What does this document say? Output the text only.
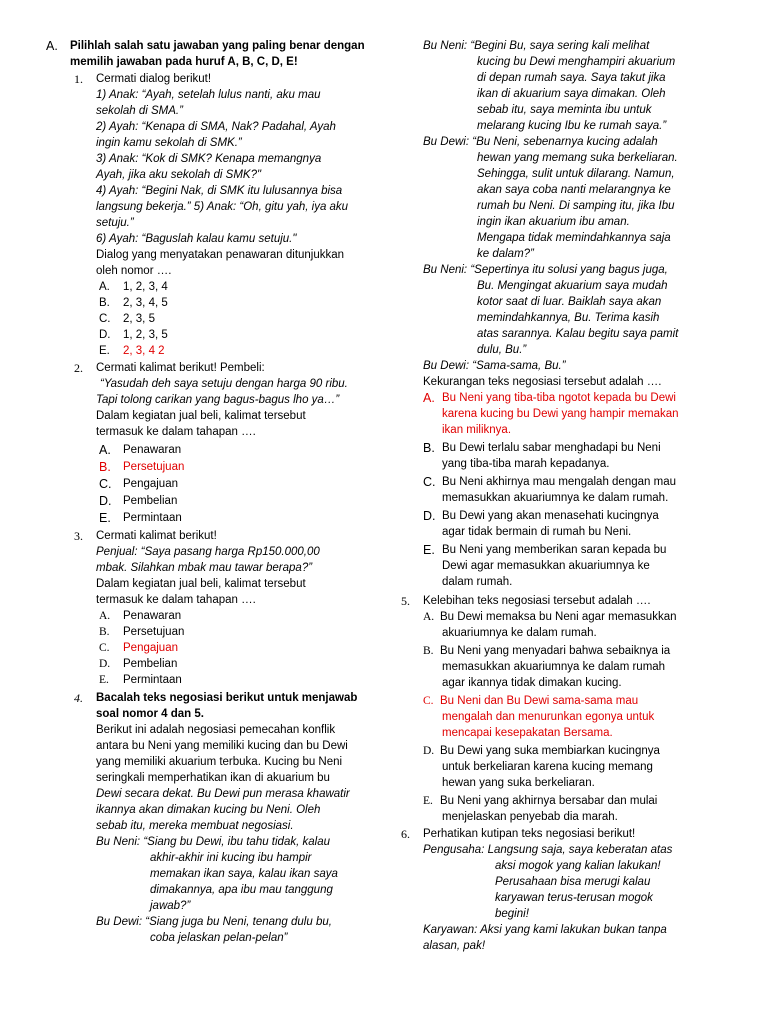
A. Pilihlah salah satu jawaban yang paling benar dengan
memilih jawaban pada huruf A, B, C, D, E!
1. Cermati dialog berikut!
1) Anak: “Ayah, setelah lulus nanti, aku mau
sekolah di SMA.”
2) Ayah: “Kenapa di SMA, Nak? Padahal, Ayah
ingin kamu sekolah di SMK.”
3) Anak: “Kok di SMK? Kenapa memangnya
Ayah, jika aku sekolah di SMK?"
4) Ayah: “Begini Nak, di SMK itu lulusannya bisa
langsung bekerja.” 5) Anak: “Oh, gitu yah, iya aku
setuju.”
6) Ayah: “Baguslah kalau kamu setuju."
Dialog yang menyatakan penawaran ditunjukkan
oleh nomor ….
A. 1, 2, 3, 4
B. 2, 3, 4, 5
C. 2, 3, 5
D. 1, 2, 3, 5
E. 2, 3, 4 2
2. Cermati kalimat berikut! Pembeli:
“Yasudah deh saya setuju dengan harga 90 ribu.
Tapi tolong carikan yang bagus-bagus lho ya…”
Dalam kegiatan jual beli, kalimat tersebut
termasuk ke dalam tahapan ….
A. Penawaran
B. Persetujuan
C. Pengajuan
D. Pembelian
E. Permintaan
3. Cermati kalimat berikut!
Penjual: “Saya pasang harga Rp150.000,00
mbak. Silahkan mbak mau tawar berapa?”
Dalam kegiatan jual beli, kalimat tersebut
termasuk ke dalam tahapan ….
A. Penawaran
B. Persetujuan
C. Pengajuan
D. Pembelian
E. Permintaan
4. Bacalah teks negosiasi berikut untuk menjawab
soal nomor 4 dan 5.
Berikut ini adalah negosiasi pemecahan konflik
antara bu Neni yang memiliki kucing dan bu Dewi
yang memiliki akuarium terbuka. Kucing bu Neni
seringkali memperhatikan ikan di akuarium bu
Dewi secara dekat. Bu Dewi pun merasa khawatir
ikannya akan dimakan kucing bu Neni. Oleh
sebab itu, mereka membuat negosiasi.
Bu Neni: “Siang bu Dewi, ibu tahu tidak, kalau
akhir-akhir ini kucing ibu hampir
memakan ikan saya, kalau ikan saya
dimakannya, apa ibu mau tanggung
jawab?”
Bu Dewi: “Siang juga bu Neni, tenang dulu bu,
coba jelaskan pelan-pelan”
Bu Neni: “Begini Bu, saya sering kali melihat
kucing bu Dewi menghampiri akuarium
di depan rumah saya. Saya takut jika
ikan di akuarium saya dimakan. Oleh
sebab itu, saya meminta ibu untuk
melarang kucing Ibu ke rumah saya.”
Bu Dewi: “Bu Neni, sebenarnya kucing adalah
hewan yang memang suka berkeliaran.
Sehingga, sulit untuk dilarang. Namun,
akan saya coba nanti melarangnya ke
rumah bu Neni. Di samping itu, jika Ibu
ingin ikan akuarium ibu aman.
Mengapa tidak memindahkannya saja
ke dalam?”
Bu Neni: “Sepertinya itu solusi yang bagus juga,
Bu. Mengingat akuarium saya mudah
kotor saat di luar. Baiklah saya akan
memindahkannya, Bu. Terima kasih
atas sarannya. Kalau begitu saya pamit
dulu, Bu.”
Bu Dewi: “Sama-sama, Bu.”
Kekurangan teks negosiasi tersebut adalah ….
A. Bu Neni yang tiba-tiba ngotot kepada bu Dewi
karena kucing bu Dewi yang hampir memakan
ikan miliknya.
B. Bu Dewi terlalu sabar menghadapi bu Neni
yang tiba-tiba marah kepadanya.
C. Bu Neni akhirnya mau mengalah dengan mau
memasukkan akuariumnya ke dalam rumah.
D. Bu Dewi yang akan menasehati kucingnya
agar tidak bermain di rumah bu Neni.
E. Bu Neni yang memberikan saran kepada bu
Dewi agar memasukkan akuariumnya ke
dalam rumah.
5. Kelebihan teks negosiasi tersebut adalah ….
A. Bu Dewi memaksa bu Neni agar memasukkan
akuariumnya ke dalam rumah.
B. Bu Neni yang menyadari bahwa sebaiknya ia
memasukkan akuariumnya ke dalam rumah
agar ikannya tidak dimakan kucing.
C. Bu Neni dan Bu Dewi sama-sama mau
mengalah dan menurunkan egonya untuk
mencapai kesepakatan Bersama.
D. Bu Dewi yang suka membiarkan kucingnya
untuk berkeliaran karena kucing memang
hewan yang suka berkeliaran.
E. Bu Neni yang akhirnya bersabar dan mulai
menjelaskan penyebab dia marah.
6. Perhatikan kutipan teks negosiasi berikut!
Pengusaha: Langsung saja, saya keberatan atas
aksi mogok yang kalian lakukan!
Perusahaan bisa merugi kalau
karyawan terus-terusan mogok
begini!
Karyawan: Aksi yang kami lakukan bukan tanpa
alasan, pak!
